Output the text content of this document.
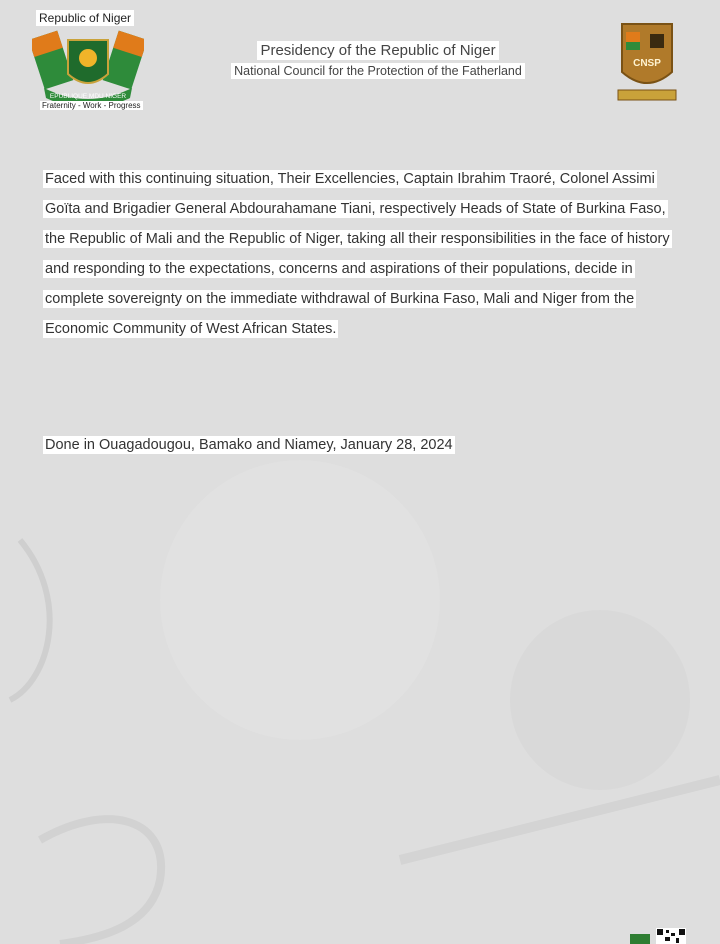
Republic of Niger
EPUBLIQUE MDU NIGER
Fraternity - Work - Progress
Presidency of the Republic of Niger
National Council for the Protection of the Fatherland
CNSP
Faced with this continuing situation, Their Excellencies, Captain Ibrahim Traoré, Colonel Assimi Goïta and Brigadier General Abdourahamane Tiani, respectively Heads of State of Burkina Faso, the Republic of Mali and the Republic of Niger, taking all their responsibilities in the face of history and responding to the expectations, concerns and aspirations of their populations, decide in complete sovereignty on the immediate withdrawal of Burkina Faso, Mali and Niger from the Economic Community of West African States.
Done in Ouagadougou, Bamako and Niamey, January 28, 2024
